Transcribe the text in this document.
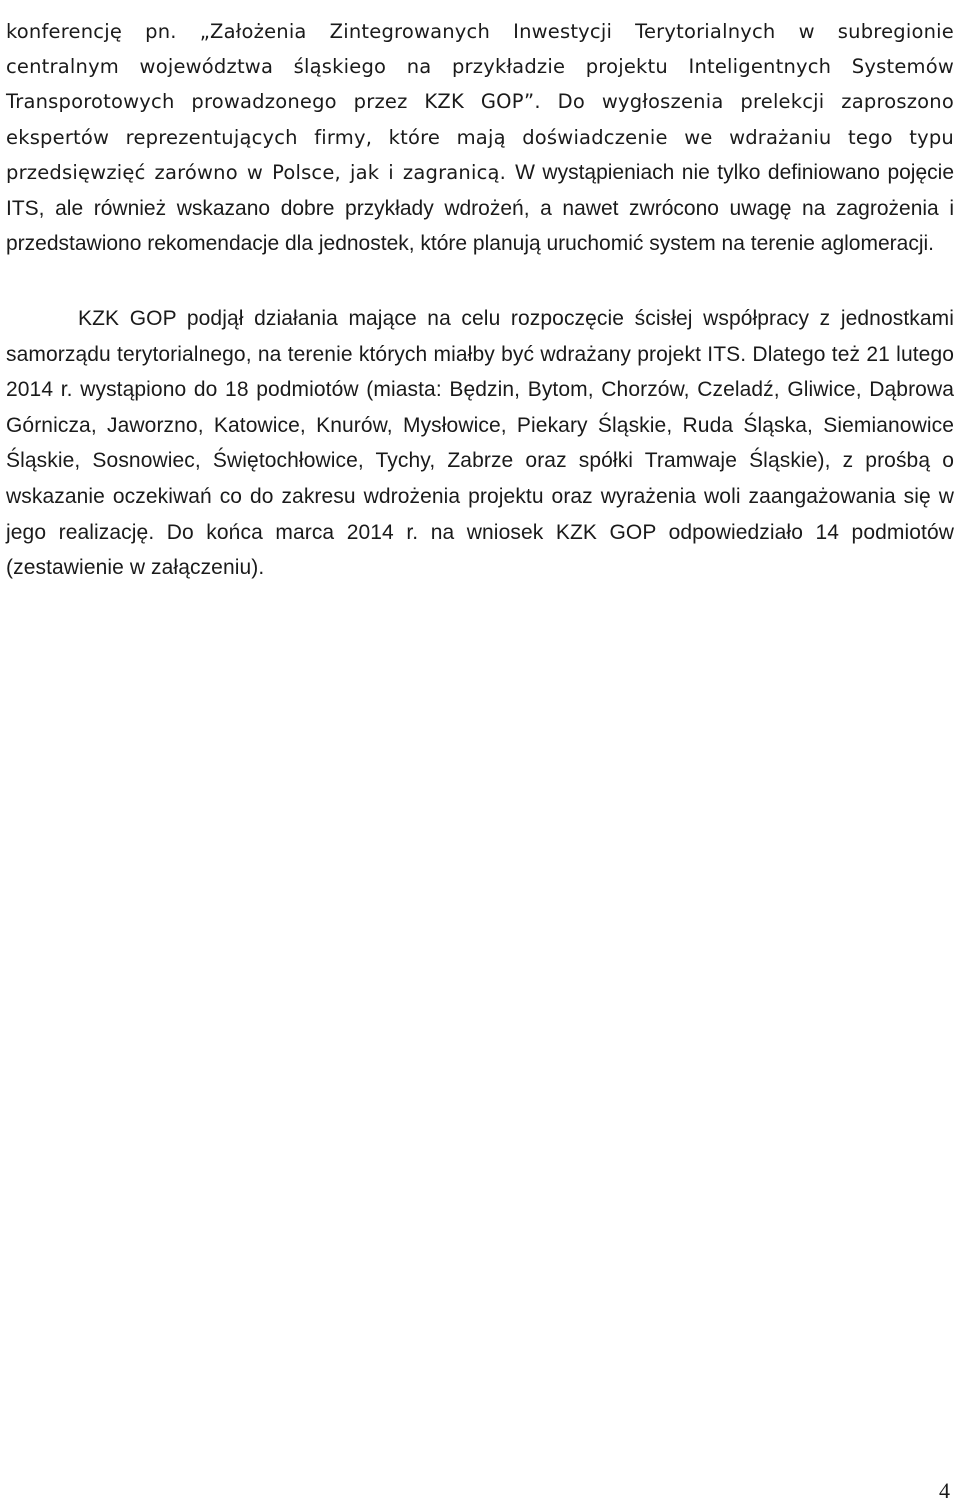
konferencję pn. „Założenia Zintegrowanych Inwestycji Terytorialnych w subregionie centralnym województwa śląskiego na przykładzie projektu Inteligentnych Systemów Transporotowych prowadzonego przez KZK GOP”. Do wygłoszenia prelekcji zaproszono ekspertów reprezentujących firmy, które mają doświadczenie we wdrażaniu tego typu przedsięwzięć zarówno w Polsce, jak i zagranicą. W wystąpieniach nie tylko definiowano pojęcie ITS, ale również wskazano dobre przykłady wdrożeń, a nawet zwrócono uwagę na zagrożenia i przedstawiono rekomendacje dla jednostek, które planują uruchomić system na terenie aglomeracji.

KZK GOP podjął działania mające na celu rozpoczęcie ścisłej współpracy z jednostkami samorządu terytorialnego, na terenie których miałby być wdrażany projekt ITS. Dlatego też 21 lutego 2014 r. wystąpiono do 18 podmiotów (miasta: Będzin, Bytom, Chorzów, Czeladź, Gliwice, Dąbrowa Górnicza, Jaworzno, Katowice, Knurów, Mysłowice, Piekary Śląskie, Ruda Śląska, Siemianowice Śląskie, Sosnowiec, Świętochłowice, Tychy, Zabrze oraz spółki Tramwaje Śląskie), z prośbą o wskazanie oczekiwań co do zakresu wdrożenia projektu oraz wyrażenia woli zaangażowania się w jego realizację. Do końca marca 2014 r. na wniosek KZK GOP odpowiedziało 14 podmiotów (zestawienie w załączeniu).

4
